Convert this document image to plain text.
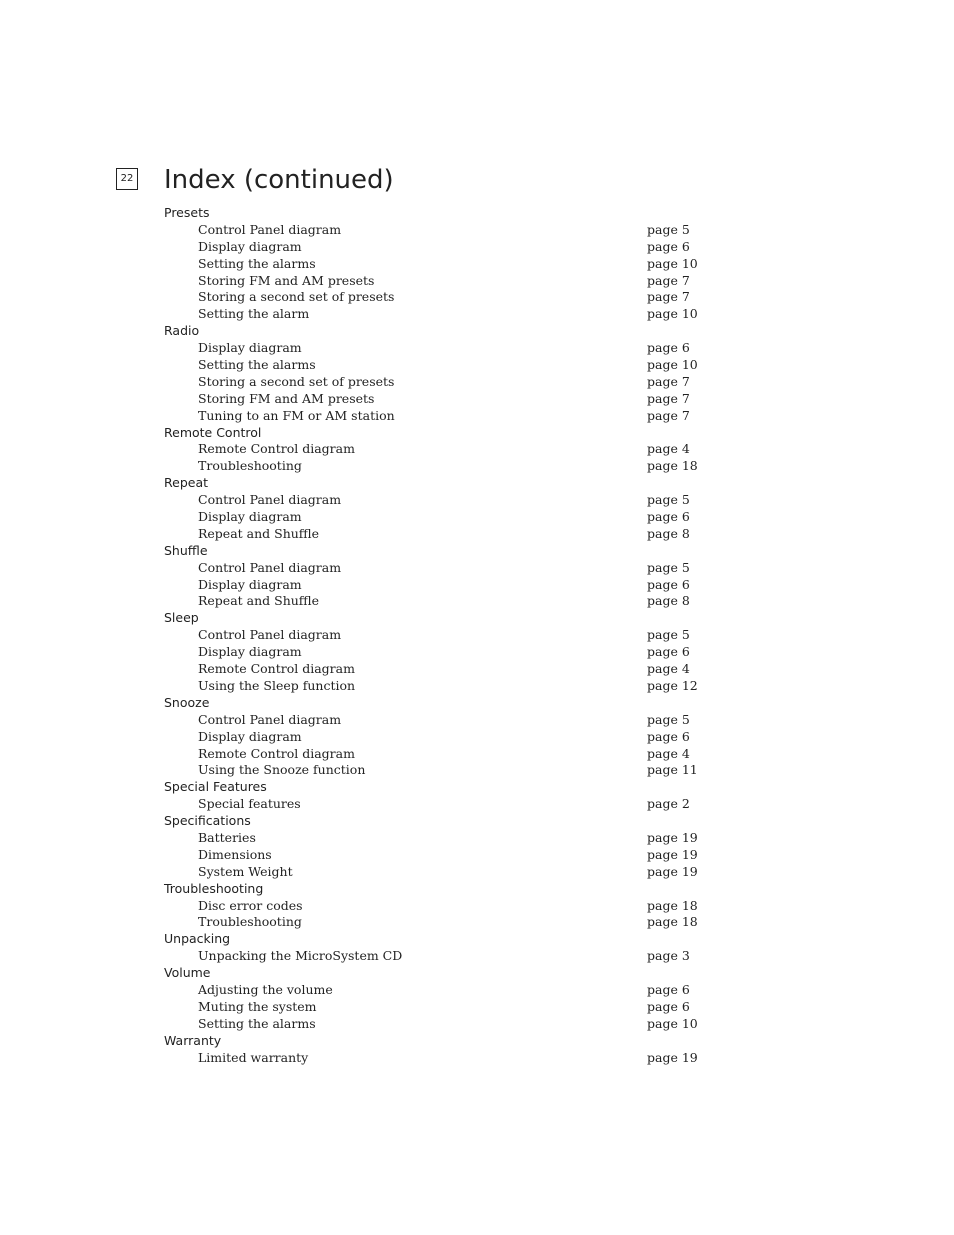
22 Index (continued)
Presets
Control Panel diagram	page 5
Display diagram	page 6
Setting the alarms	page 10
Storing FM and AM presets	page 7
Storing a second set of presets	page 7
Setting the alarm	page 10
Radio
Display diagram	page 6
Setting the alarms	page 10
Storing a second set of presets	page 7
Storing FM and AM presets	page 7
Tuning to an FM or AM station	page 7
Remote Control
Remote Control diagram	page 4
Troubleshooting	page 18
Repeat
Control Panel diagram	page 5
Display diagram	page 6
Repeat and Shuffle	page 8
Shuffle
Control Panel diagram	page 5
Display diagram	page 6
Repeat and Shuffle	page 8
Sleep
Control Panel diagram	page 5
Display diagram	page 6
Remote Control diagram	page 4
Using the Sleep function	page 12
Snooze
Control Panel diagram	page 5
Display diagram	page 6
Remote Control diagram	page 4
Using the Snooze function	page 11
Special Features
Special features	page 2
Specifications
Batteries	page 19
Dimensions	page 19
System Weight	page 19
Troubleshooting
Disc error codes	page 18
Troubleshooting	page 18
Unpacking
Unpacking the MicroSystem CD	page 3
Volume
Adjusting the volume	page 6
Muting the system	page 6
Setting the alarms	page 10
Warranty
Limited warranty	page 19
